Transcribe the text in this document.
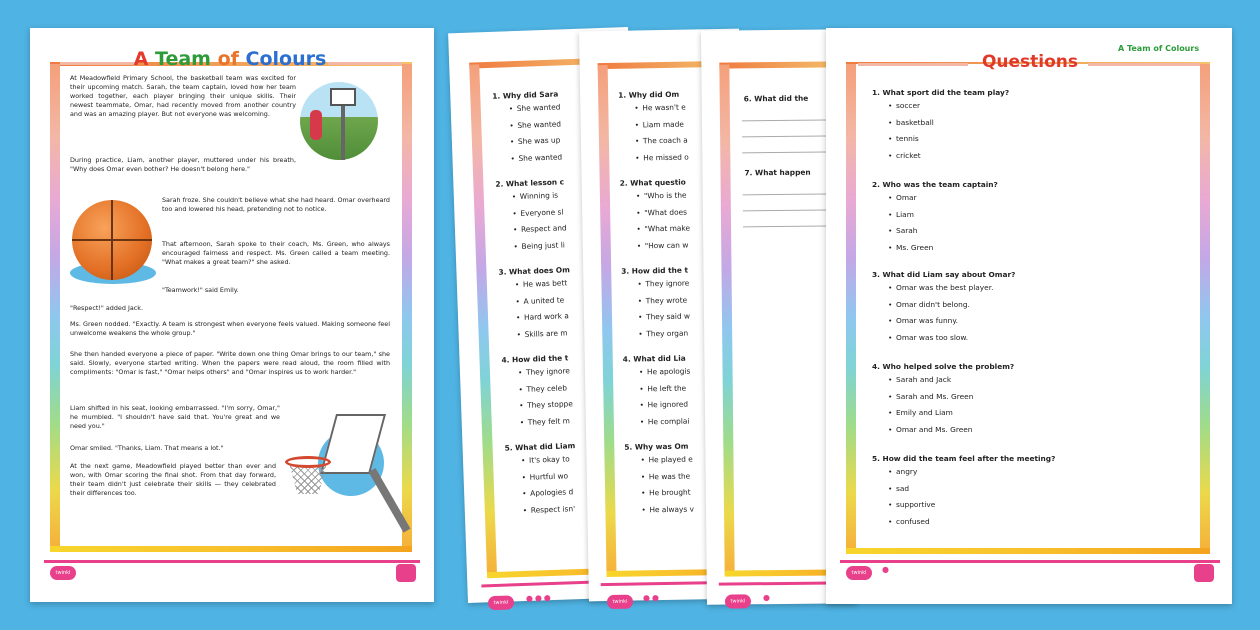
1. Why did Sara
• She wanted
• She wanted
• She was up
• She wanted
2. What lesson c
• Winning is
• Everyone sl
• Respect and
• Being just li
3. What does Om
• He was bett
• A united te
• Hard work a
• Skills are m
4. How did the t
• They ignore
• They celeb
• They stoppe
• They felt m
5. What did Liam
• It's okay to
• Hurtful wo
• Apologies d
• Respect isn'
twinkl	●●●
1. Why did Om
• He wasn't e
• Liam made
• The coach a
• He missed o
2. What questio
• "Who is the
• "What does
• "What make
• "How can w
3. How did the t
• They ignore
• They wrote
• They said w
• They organ
4. What did Lia
• He apologis
• He left the
• He ignored
• He complai
5. Why was Om
• He played e
• He was the
• He brought
• He always v
twinkl	●●
6. What did the
7. What happen
twinkl	●
Questions
A Team of Colours
1. What sport did the team play?
• soccer
• basketball
• tennis
• cricket
2. Who was the team captain?
• Omar
• Liam
• Sarah
• Ms. Green
3. What did Liam say about Omar?
• Omar was the best player.
• Omar didn't belong.
• Omar was funny.
• Omar was too slow.
4. Who helped solve the problem?
• Sarah and Jack
• Sarah and Ms. Green
• Emily and Liam
• Omar and Ms. Green
5. How did the team feel after the meeting?
• angry
• sad
• supportive
• confused
twinkl	●
A Team of Colours
At Meadowfield Primary School, the basketball team was excited for their upcoming match. Sarah, the team captain, loved how her team worked together, each player bringing their unique skills. Their newest teammate, Omar, had recently moved from another country and was an amazing player. But not everyone was welcoming.
During practice, Liam, another player, muttered under his breath, "Why does Omar even bother? He doesn't belong here."
Sarah froze. She couldn't believe what she had heard. Omar overheard too and lowered his head, pretending not to notice.
That afternoon, Sarah spoke to their coach, Ms. Green, who always encouraged fairness and respect. Ms. Green called a team meeting. "What makes a great team?" she asked.
"Teamwork!" said Emily.
"Respect!" added Jack.
Ms. Green nodded. "Exactly. A team is strongest when everyone feels valued. Making someone feel unwelcome weakens the whole group."
She then handed everyone a piece of paper. "Write down one thing Omar brings to our team," she said. Slowly, everyone started writing. When the papers were read aloud, the room filled with compliments: "Omar is fast," "Omar helps others" and "Omar inspires us to work harder."
Liam shifted in his seat, looking embarrassed. "I'm sorry, Omar," he mumbled. "I shouldn't have said that. You're great and we need you."
Omar smiled. "Thanks, Liam. That means a lot."
At the next game, Meadowfield played better than ever and won, with Omar scoring the final shot. From that day forward, their team didn't just celebrate their skills — they celebrated their differences too.
twinkl
